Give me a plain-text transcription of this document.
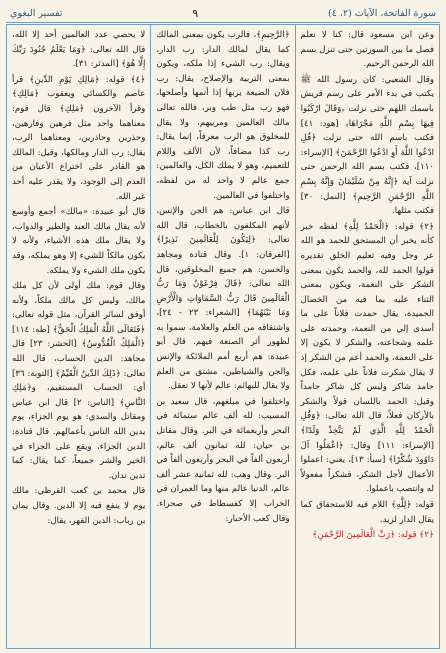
سورة الفاتحة، الآيات (٢، ٤)
٩
تفسير البغوي

وعن ابن مسعود قال: كنا لا نعلم فصل ما بين السورتين حتى تنزل بسم الله الرحمن الرحيم.

وقال الشعبي: كان رسول الله ﷺ يكتب في بدء الأمر على رسم قريش باسمك اللهم حتى نزلت ﴿وَقَالَ ارْكَبُوا فِيهَا بِسْمِ اللَّهِ مَجْرَاهَا﴾ [هود: ٤١] فكتب باسم الله حتى نزلت ﴿قُلِ ادْعُوا اللَّهَ أَوِ ادْعُوا الرَّحْمَنَ﴾ [الإسراء: ١١٠]، فكتب بسم الله الرحمن حتى نزلت آية ﴿إِنَّهُ مِنْ سُلَيْمَانَ وَإِنَّهُ بِسْمِ اللَّهِ الرَّحْمَنِ الرَّحِيمِ﴾ [النمل: ٣٠] فكتب مثلها.

﴿٢﴾ قوله: ﴿الْحَمْدُ لِلَّهِ﴾ لفظه خبر كأنه يخبر أن المستحق للحمد هو الله عز وجل وفيه تعليم الخلق تقديره قولوا الحمد لله، والحمد يكون بمعنى الشكر على النعمة، ويكون بمعنى الثناء عليه بما فيه من الخصال الحميدة، يقال حمدت فلاناً على ما أسدى إلي من النعمة، وحمدته على علمه وشجاعته، والشكر لا يكون إلا على النعمة، والحمد أعم من الشكر إذ لا يقال شكرت فلاناً على علمه، فكل حامد شاكر وليس كل شاكر حامداً وقيل: الحمد باللسان قولاً والشكر بالأركان فعلاً، قال الله تعالى: ﴿وَقُلِ الْحَمْدُ لِلَّهِ الَّذِي لَمْ يَتَّخِذْ وَلَدًا﴾ [الإسراء: ١١١] وقال: ﴿اعْمَلُوا آلَ دَاوُودَ شُكْرًا﴾ [سبأ: ١٣]، يعني: اعملوا الأعمال لأجل الشكر، فشكراً مفعولاً له وانتصب باعملوا.

قوله: ﴿لِلَّهِ﴾ اللام فيه للاستحقاق كما يقال الدار لزيد.

﴿٢﴾ قوله: ﴿رَبِّ الْعَالَمِينَ الرَّحْمَنِ﴾

﴿الرَّحِيمِ﴾، فالرب يكون بمعنى المالك كما يقال لمالك الدار: رب الدار، ويقال: رب الشيء إذا ملكه، ويكون بمعنى التربية والإصلاح، يقال: رب فلان الضيعة يربها إذا أتمها وأصلحها، فهو رب مثل طب وبر، فالله تعالى مالك العالمين ومربيهم، ولا يقال للمخلوق هو الرب معرفاً، إنما يقال: رب كذا مضافاً، لأن الألف واللام للتعميم، وهو لا يملك الكل، والعالمين: جمع عالم لا واحد له من لفظه، واختلفوا في العالمين.

قال ابن عباس: هم الجن والإنس، لأنهم المكلفون بالخطاب، قال الله تعالى: ﴿لِيَكُونَ لِلْعَالَمِينَ نَذِيرًا﴾ [الفرقان: ١]. وقال قتادة ومجاهد والحسن: هم جميع المخلوقين، قال الله تعالى: ﴿قَالَ فِرْعَوْنُ وَمَا رَبُّ الْعَالَمِينَ قَالَ رَبُّ السَّمَاوَاتِ وَالْأَرْضِ وَمَا بَيْنَهُمَا﴾ [الشعراء: ٢٣ - ٢٤]، واشتقاقه من العلم والعلامة، سموا به لظهور أثر الصنعة فيهم. قال أبو عبيدة: هم أربع أمم الملائكة والإنس والجن والشياطين، مشتق من العلم ولا يقال للبهائم: عالم لأنها لا تعقل.

واختلفوا في مبلغهم، قال سعيد بن المسيب: لله ألف عالم ستمائة في البحر وأربعمائة في البر. وقال مقاتل بن حيان: لله ثمانون ألف عالم، أربعون ألفاً في البحر وأربعون ألفاً في البر. وقال وهب: لله ثمانية عشر ألف عالم، الدنيا عالم منها وما العمران في الخراب إلا كفسطاط في صحراء. وقال كعب الأحبار:

لا يحصي عدد العالمين أحد إلا الله، قال الله تعالى: ﴿وَمَا يَعْلَمُ جُنُودَ رَبِّكَ إِلَّا هُوَ﴾ [المدثر: ٣١].

﴿٤﴾ قوله: ﴿مَالِكِ يَوْمِ الدِّينِ﴾ قرأ عاصم والكسائي ويعقوب ﴿مَالِكِ﴾ وقرأ الآخرون ﴿مَلِكِ﴾ قال قوم: معناهما واحد مثل فرهين وفارهين، وحذرين وحاذرين، ومعناهما الرب، يقال: رب الدار ومالكها، وقيل: المالك هو القادر على اختراع الأعيان من العدم إلى الوجود، ولا يقدر عليه أحد غير الله.

قال أبو عبيدة: «مالك» أجمع وأوسع لأنه يقال مالك العبد والطير والدواب، ولا يقال ملك هذه الأشياء، ولأنه لا يكون مالكاً للشيء إلا وهو يملكه، وقد يكون ملك الشيء ولا يملكه.

وقال قوم: ملك أولى لأن كل ملك مالك، وليس كل مالك ملكاً، ولأنه أوفق لسائر القرآن، مثل قوله تعالى: ﴿فَتَعَالَى اللَّهُ الْمَلِكُ الْحَقُّ﴾ [طه: ١١٤] ﴿الْمَلِكُ الْقُدُّوسُ﴾ [الحشر: ٢٣] قال مجاهد: الدين الحساب، قال الله تعالى: ﴿ذَلِكَ الدِّينُ الْقَيِّمُ﴾ [التوبة: ٣٦] أي: الحساب المستقيم، و﴿مَلِكِ النَّاسِ﴾ [الناس: ٢] قال ابن عباس ومقاتل والسدي: هو يوم الجزاء، يوم يدين الله الناس بأعمالهم. قال قتادة: الدين الجزاء، ويقع على الجزاء في الخير والشر جميعاً، كما يقال: كما تدين تدان.

قال محمد بن كعب القرظي: مالك يوم لا ينفع فيه إلا الدين. وقال يمان بن رباب: الدين القهر، يقال:
